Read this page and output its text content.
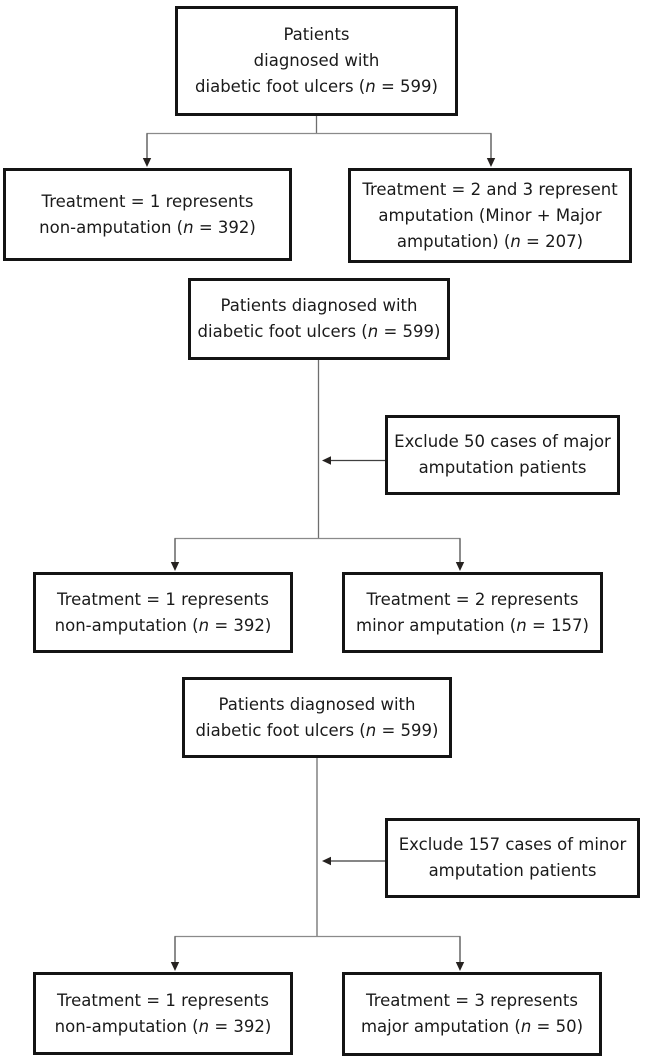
Patients
diagnosed with
diabetic foot ulcers (n = 599)
Treatment = 1 represents
non-amputation (n = 392)
Treatment = 2 and 3 represent
amputation (Minor + Major
amputation) (n = 207)
Patients diagnosed with
diabetic foot ulcers (n = 599)
Exclude 50 cases of major
amputation patients
Treatment = 1 represents
non-amputation (n = 392)
Treatment = 2 represents
minor amputation (n = 157)
Patients diagnosed with
diabetic foot ulcers (n = 599)
Exclude 157 cases of minor
amputation patients
Treatment = 1 represents
non-amputation (n = 392)
Treatment = 3 represents
major amputation (n = 50)
